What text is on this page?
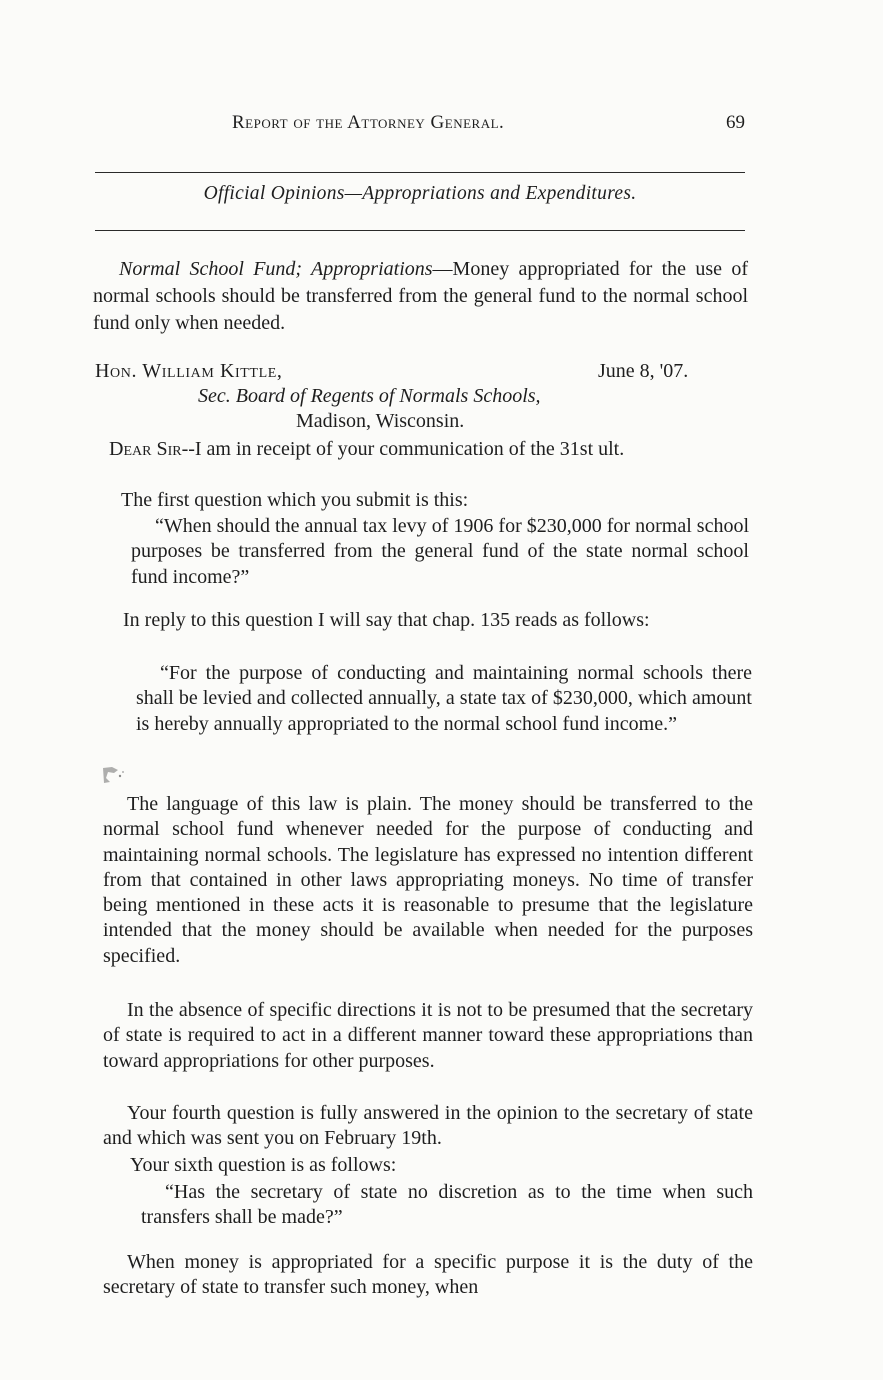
Report of the Attorney General.	69
Official Opinions—Appropriations and Expenditures.
Normal School Fund; Appropriations—Money appropriated for the use of normal schools should be transferred from the general fund to the normal school fund only when needed.
Hon. William Kittle,	June 8, '07.
Sec. Board of Regents of Normals Schools,
Madison, Wisconsin.
Dear Sir--I am in receipt of your communication of the 31st ult.
The first question which you submit is this:
“When should the annual tax levy of 1906 for $230,000 for normal school purposes be transferred from the general fund of the state normal school fund income?”
In reply to this question I will say that chap. 135 reads as follows:
“For the purpose of conducting and maintaining normal schools there shall be levied and collected annually, a state tax of $230,000, which amount is hereby annually appropriated to the normal school fund income.”
The language of this law is plain. The money should be transferred to the normal school fund whenever needed for the purpose of conducting and maintaining normal schools. The legislature has expressed no intention different from that contained in other laws appropriating moneys. No time of transfer being mentioned in these acts it is reasonable to presume that the legislature intended that the money should be available when needed for the purposes specified.
In the absence of specific directions it is not to be presumed that the secretary of state is required to act in a different manner toward these appropriations than toward appropriations for other purposes.
Your fourth question is fully answered in the opinion to the secretary of state and which was sent you on February 19th.
Your sixth question is as follows:
“Has the secretary of state no discretion as to the time when such transfers shall be made?”
When money is appropriated for a specific purpose it is the duty of the secretary of state to transfer such money, when
